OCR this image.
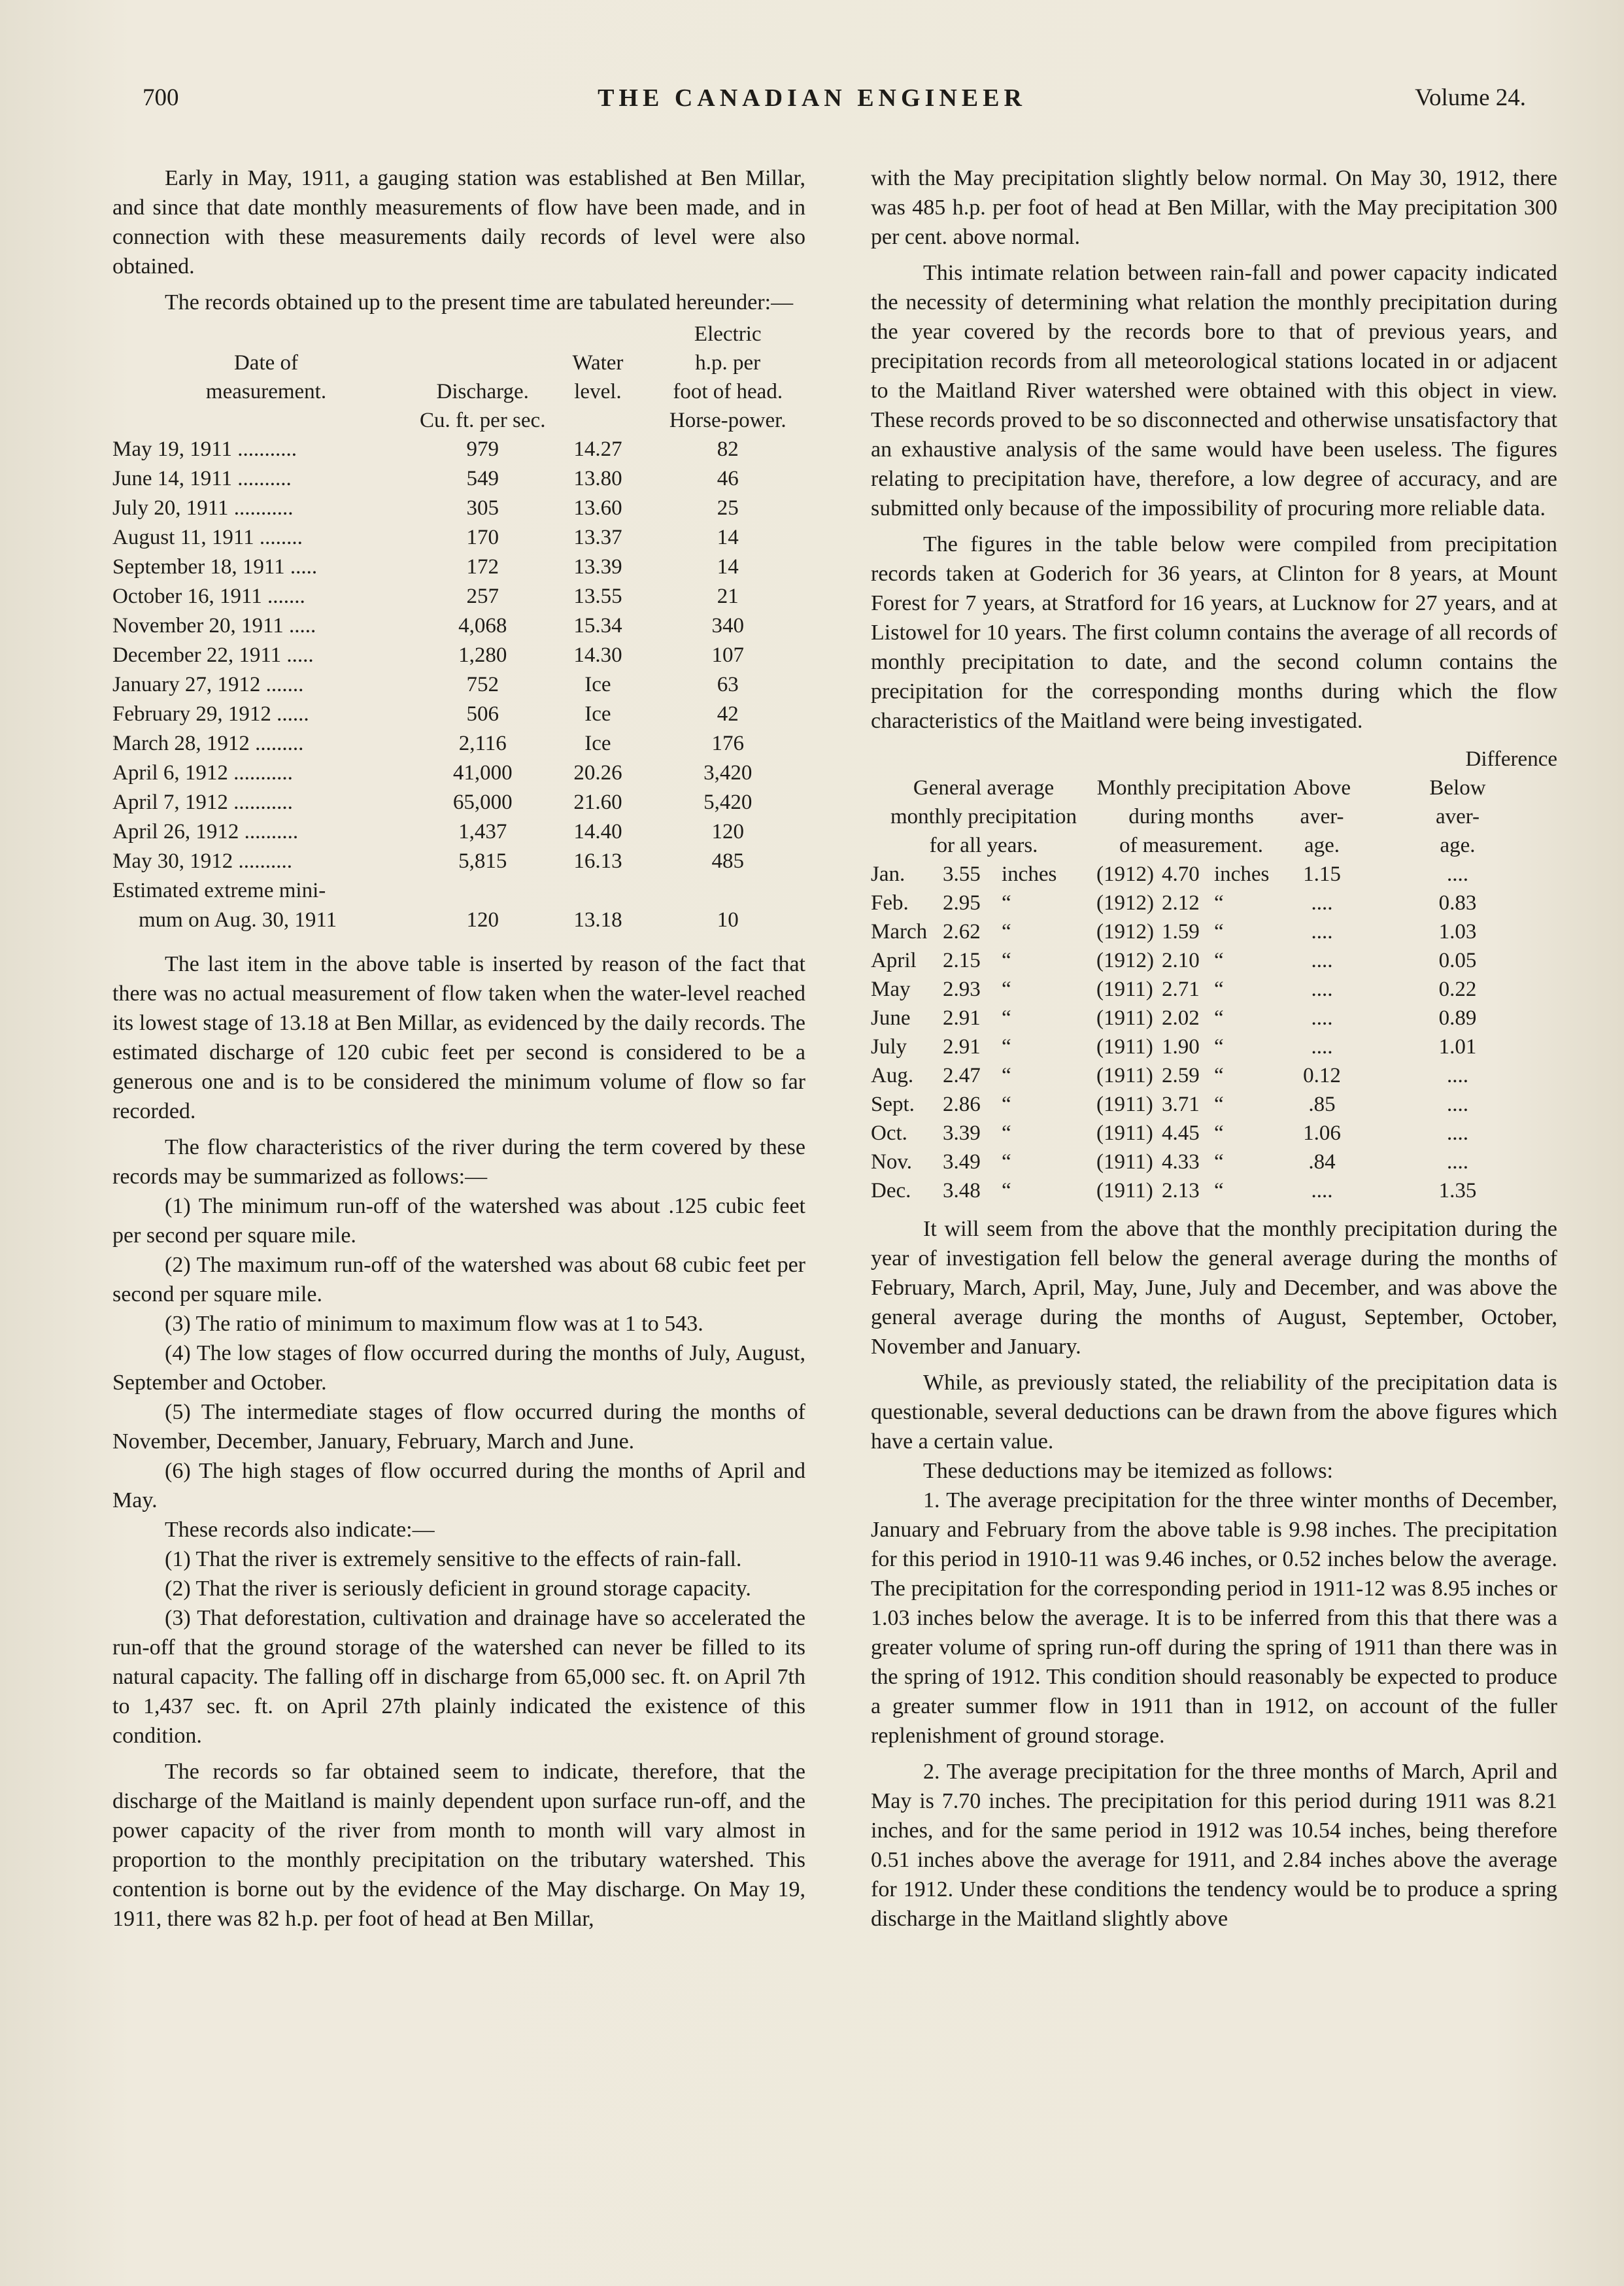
700	THE CANADIAN ENGINEER	Volume 24.

Early in May, 1911, a gauging station was established at Ben Millar, and since that date monthly measurements of flow have been made, and in connection with these measurements daily records of level were also obtained.

The records obtained up to the present time are tabulated hereunder:—

			Electric
Date of		Water	h.p. per
measurement.	Discharge.	level.	foot of head.
	Cu. ft. per sec.		Horse-power.
May 19, 1911 ...........	979	14.27	82
June 14, 1911 ..........	549	13.80	46
July 20, 1911 ...........	305	13.60	25
August 11, 1911 ........	170	13.37	14
September 18, 1911 .....	172	13.39	14
October 16, 1911 .......	257	13.55	21
November 20, 1911 .....	4,068	15.34	340
December 22, 1911 .....	1,280	14.30	107
January 27, 1912 .......	752	Ice	63
February 29, 1912 ......	506	Ice	42
March 28, 1912 .........	2,116	Ice	176
April 6, 1912 ...........	41,000	20.26	3,420
April 7, 1912 ...........	65,000	21.60	5,420
April 26, 1912 ..........	1,437	14.40	120
May 30, 1912 ..........	5,815	16.13	485
Estimated extreme mini-			
mum on Aug. 30, 1911	120	13.18	10

The last item in the above table is inserted by reason of the fact that there was no actual measurement of flow taken when the water-level reached its lowest stage of 13.18 at Ben Millar, as evidenced by the daily records. The estimated discharge of 120 cubic feet per second is considered to be a generous one and is to be considered the minimum volume of flow so far recorded.

The flow characteristics of the river during the term covered by these records may be summarized as follows:—

(1) The minimum run-off of the watershed was about .125 cubic feet per second per square mile.

(2) The maximum run-off of the watershed was about 68 cubic feet per second per square mile.

(3) The ratio of minimum to maximum flow was at 1 to 543.

(4) The low stages of flow occurred during the months of July, August, September and October.

(5) The intermediate stages of flow occurred during the months of November, December, January, February, March and June.

(6) The high stages of flow occurred during the months of April and May.

These records also indicate:—

(1) That the river is extremely sensitive to the effects of rain-fall.

(2) That the river is seriously deficient in ground storage capacity.

(3) That deforestation, cultivation and drainage have so accelerated the run-off that the ground storage of the watershed can never be filled to its natural capacity. The falling off in discharge from 65,000 sec. ft. on April 7th to 1,437 sec. ft. on April 27th plainly indicated the existence of this condition.

The records so far obtained seem to indicate, therefore, that the discharge of the Maitland is mainly dependent upon surface run-off, and the power capacity of the river from month to month will vary almost in proportion to the monthly precipitation on the tributary watershed. This contention is borne out by the evidence of the May discharge. On May 19, 1911, there was 82 h.p. per foot of head at Ben Millar,

with the May precipitation slightly below normal. On May 30, 1912, there was 485 h.p. per foot of head at Ben Millar, with the May precipitation 300 per cent. above normal.

This intimate relation between rain-fall and power capacity indicated the necessity of determining what relation the monthly precipitation during the year covered by the records bore to that of previous years, and precipitation records from all meteorological stations located in or adjacent to the Maitland River watershed were obtained with this object in view. These records proved to be so disconnected and otherwise unsatisfactory that an exhaustive analysis of the same would have been useless. The figures relating to precipitation have, therefore, a low degree of accuracy, and are submitted only because of the impossibility of procuring more reliable data.

The figures in the table below were compiled from precipitation records taken at Goderich for 36 years, at Clinton for 8 years, at Mount Forest for 7 years, at Stratford for 16 years, at Lucknow for 27 years, and at Listowel for 10 years. The first column contains the average of all records of monthly precipitation to date, and the second column contains the precipitation for the corresponding months during which the flow characteristics of the Maitland were being investigated.

						Difference	
General average			Monthly precipitation			Above	Below
monthly precipitation			during months			aver-	aver-
for all years.			of measurement.			age.	age.
Jan.	3.55	inches	(1912)	4.70	inches	1.15	....
Feb.	2.95	“	(1912)	2.12	“	....	0.83
March	2.62	“	(1912)	1.59	“	....	1.03
April	2.15	“	(1912)	2.10	“	....	0.05
May	2.93	“	(1911)	2.71	“	....	0.22
June	2.91	“	(1911)	2.02	“	....	0.89
July	2.91	“	(1911)	1.90	“	....	1.01
Aug.	2.47	“	(1911)	2.59	“	0.12	....
Sept.	2.86	“	(1911)	3.71	“	.85	....
Oct.	3.39	“	(1911)	4.45	“	1.06	....
Nov.	3.49	“	(1911)	4.33	“	.84	....
Dec.	3.48	“	(1911)	2.13	“	....	1.35

It will seem from the above that the monthly precipitation during the year of investigation fell below the general average during the months of February, March, April, May, June, July and December, and was above the general average during the months of August, September, October, November and January.

While, as previously stated, the reliability of the precipitation data is questionable, several deductions can be drawn from the above figures which have a certain value.

These deductions may be itemized as follows:

1. The average precipitation for the three winter months of December, January and February from the above table is 9.98 inches. The precipitation for this period in 1910-11 was 9.46 inches, or 0.52 inches below the average. The precipitation for the corresponding period in 1911-12 was 8.95 inches or 1.03 inches below the average. It is to be inferred from this that there was a greater volume of spring run-off during the spring of 1911 than there was in the spring of 1912. This condition should reasonably be expected to produce a greater summer flow in 1911 than in 1912, on account of the fuller replenishment of ground storage.

2. The average precipitation for the three months of March, April and May is 7.70 inches. The precipitation for this period during 1911 was 8.21 inches, and for the same period in 1912 was 10.54 inches, being therefore 0.51 inches above the average for 1911, and 2.84 inches above the average for 1912. Under these conditions the tendency would be to produce a spring discharge in the Maitland slightly above
